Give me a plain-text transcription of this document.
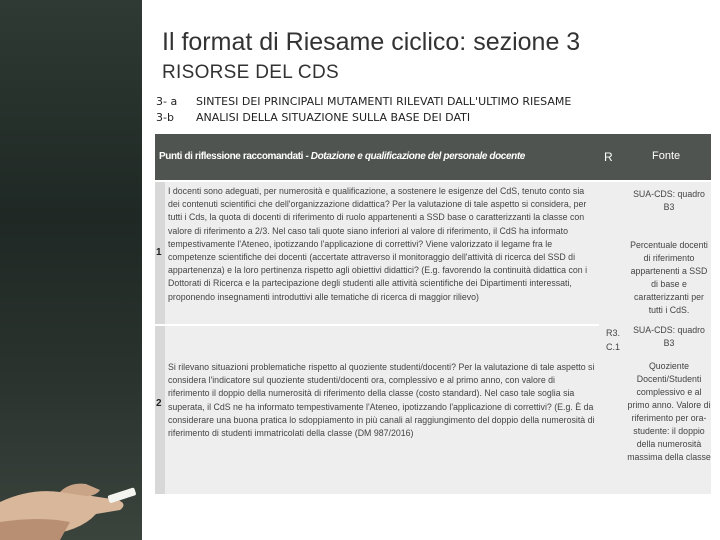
Il format di Riesame ciclico: sezione 3
RISORSE DEL CDS
3- a
3-b
SINTESI DEI PRINCIPALI MUTAMENTI RILEVATI DALL'ULTIMO RIESAME
ANALISI DELLA SITUAZIONE SULLA BASE DEI DATI
Punti di riflessione raccomandati - Dotazione e qualificazione del personale docente	R	Fonte
1

I docenti sono adeguati, per numerosità e qualificazione, a sostenere le esigenze del CdS, tenuto conto sia dei contenuti scientifici che dell'organizzazione didattica? Per la valutazione di tale aspetto si considera, per tutti i Cds, la quota di docenti di riferimento di ruolo appartenenti a SSD base o caratterizzanti la classe con valore di riferimento a 2/3. Nel caso tali quote siano inferiori al valore di riferimento, il CdS ha informato tempestivamente l'Ateneo, ipotizzando l'applicazione di correttivi? Viene valorizzato il legame fra le competenze scientifiche dei docenti (accertate attraverso il monitoraggio dell'attività di ricerca del SSD di appartenenza) e la loro pertinenza rispetto agli obiettivi didattici? (E.g. favorendo la continuità didattica con i Dottorati di Ricerca e la partecipazione degli studenti alle attività scientifiche dei Dipartimenti interessati, proponendo insegnamenti introduttivi alle tematiche di ricerca di maggior rilievo)

2

Si rilevano situazioni problematiche rispetto al quoziente studenti/docenti? Per la valutazione di tale aspetto si considera l'indicatore sul quoziente studenti/docenti ora, complessivo e al primo anno, con valore di riferimento il doppio della numerosità di riferimento della classe (costo standard). Nel caso tale soglia sia superata, il CdS ne ha informato tempestivamente l'Ateneo, ipotizzando l'applicazione di correttivi? (E.g. È da considerare una buona pratica lo sdoppiamento in più canali al raggiungimento del doppio della numerosità di riferimento di studenti immatricolati della classe (DM 987/2016)

R3. C.1

SUA-CDS: quadro B3

Percentuale docenti di riferimento appartenenti a SSD di base e caratterizzanti per tutti i CdS.

SUA-CDS: quadro B3

Quoziente Docenti/Studenti complessivo e al primo anno. Valore di riferimento per ora-studente: il doppio della numerosità massima della classe
